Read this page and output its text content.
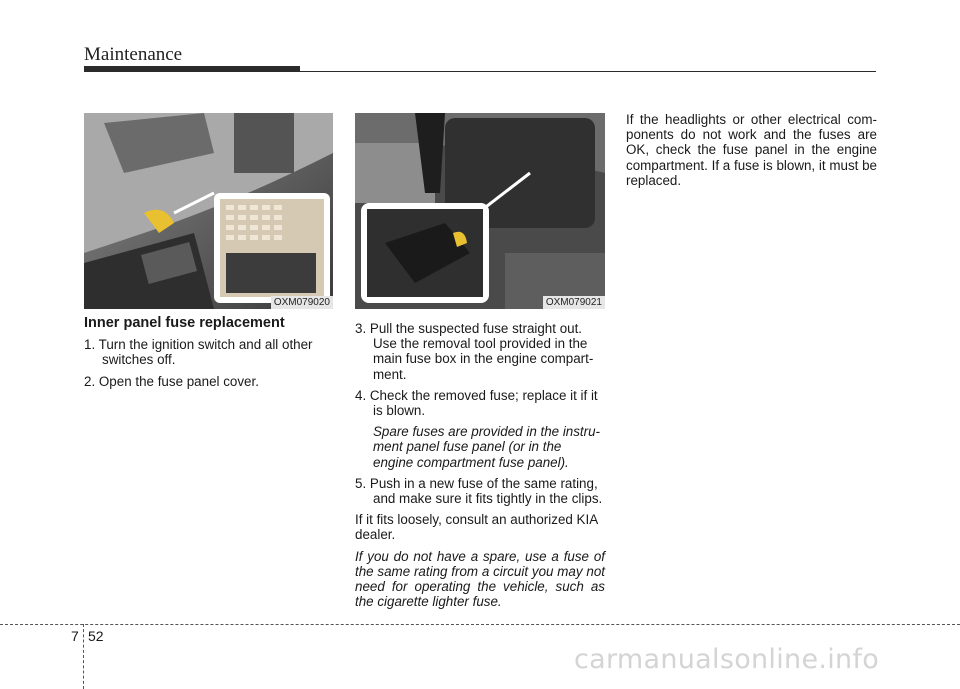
Maintenance
OXM079020	OXM079021
Inner panel fuse replacement

1. Turn the ignition switch and all other switches off.

2. Open the fuse panel cover.

3. Pull the suspected fuse straight out. Use the removal tool provided in the main fuse box in the engine compart-ment.

4. Check the removed fuse; replace it if it is blown.

Spare fuses are provided in the instru-ment panel fuse panel (or in the engine compartment fuse panel).

5. Push in a new fuse of the same rating, and make sure it fits tightly in the clips.

If it fits loosely, consult an authorized KIA dealer.

If you do not have a spare, use a fuse of the same rating from a circuit you may not need for operating the vehicle, such as the cigarette lighter fuse.

If the headlights or other electrical com-ponents do not work and the fuses are OK, check the fuse panel in the engine compartment. If a fuse is blown, it must be replaced.

7 52
carmanualsonline.info
